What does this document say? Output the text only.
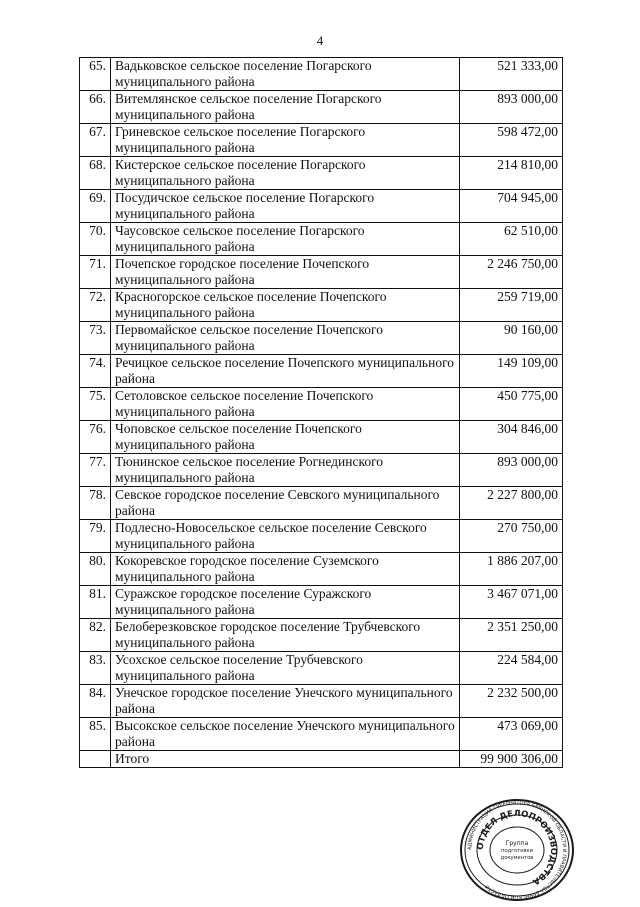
4
65.	Вадьковское сельское поселение Погарского муниципального района	521 333,00
66.	Витемлянское сельское поселение Погарского муниципального района	893 000,00
67.	Гриневское сельское поселение Погарского муниципального района	598 472,00
68.	Кистерское сельское поселение Погарского муниципального района	214 810,00
69.	Посудичское сельское поселение Погарского муниципального района	704 945,00
70.	Чаусовское сельское поселение Погарского муниципального района	62 510,00
71.	Почепское городское поселение Почепского муниципального района	2 246 750,00
72.	Красногорское сельское поселение Почепского муниципального района	259 719,00
73.	Первомайское сельское поселение Почепского муниципального района	90 160,00
74.	Речицкое сельское поселение Почепского муниципального района	149 109,00
75.	Сетоловское сельское поселение Почепского муниципального района	450 775,00
76.	Чоповское сельское поселение Почепского муниципального района	304 846,00
77.	Тюнинское сельское поселение Рогнединского муниципального района	893 000,00
78.	Севское городское поселение Севского муниципального района	2 227 800,00
79.	Подлесно-Новосельское сельское поселение Севского муниципального района	270 750,00
80.	Кокоревское городское поселение Суземского муниципального района	1 886 207,00
81.	Суражское городское поселение Суражского муниципального района	3 467 071,00
82.	Белоберезковское городское поселение Трубчевского муниципального района	2 351 250,00
83.	Усохское сельское поселение Трубчевского муниципального района	224 584,00
84.	Унечское городское поселение Унечского муниципального района	2 232 500,00
85.	Высокское сельское поселение Унечского муниципального района	473 069,00
	Итого	99 900 306,00
АДМИНИСТРАЦИЯ ГУБЕРНАТОРА БРЯНСКОЙ ОБЛАСТИ И ПРАВИТЕЛЬСТВА БРЯНСКОЙ ОБЛАСТИ
ОТДЕЛ ДЕЛОПРОИЗВОДСТВА
Группа
подготовки
документов
